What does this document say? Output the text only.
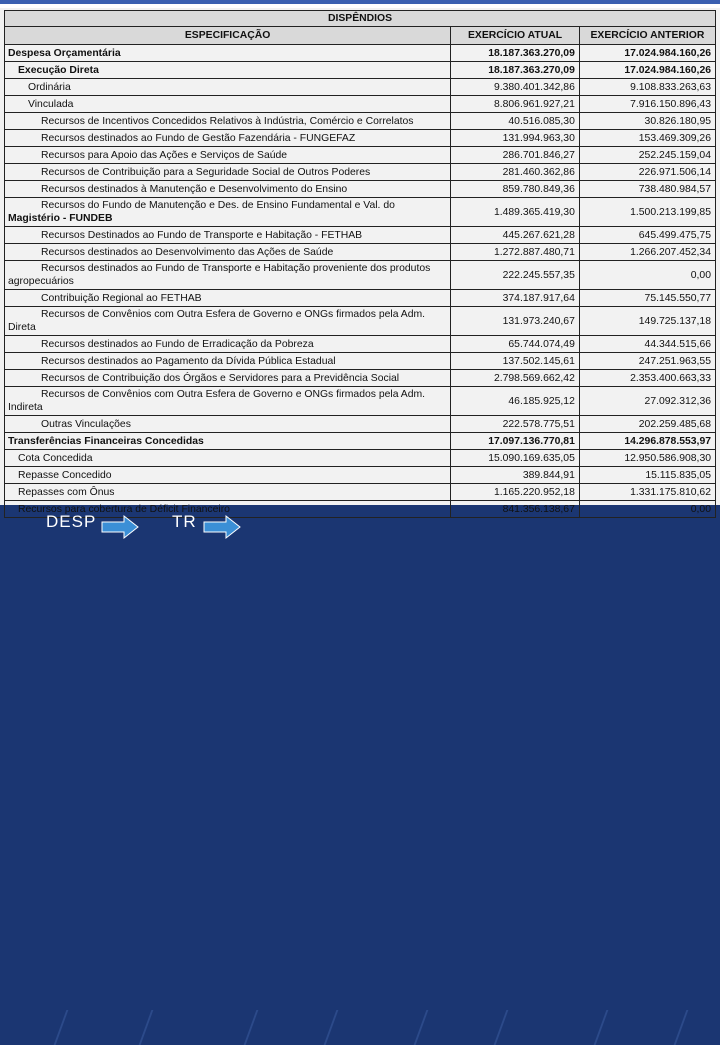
DISPÊNDIOS		
ESPECIFICAÇÃO	EXERCÍCIO ATUAL	EXERCÍCIO ANTERIOR
Despesa Orçamentária	18.187.363.270,09	17.024.984.160,26
Execução Direta	18.187.363.270,09	17.024.984.160,26
Ordinária	9.380.401.342,86	9.108.833.263,63
Vinculada	8.806.961.927,21	7.916.150.896,43
Recursos de Incentivos Concedidos Relativos à Indústria, Comércio e Correlatos	40.516.085,30	30.826.180,95
Recursos destinados ao Fundo de Gestão Fazendária - FUNGEFAZ	131.994.963,30	153.469.309,26
Recursos para Apoio das Ações e Serviços de Saúde	286.701.846,27	252.245.159,04
Recursos de Contribuição para a Seguridade Social de Outros Poderes	281.460.362,86	226.971.506,14
Recursos destinados à Manutenção e Desenvolvimento do Ensino	859.780.849,36	738.480.984,57

Recursos do Fundo de Manutenção e Des. de Ensino Fundamental e Val. do
Magistério - FUNDEB	1.489.365.419,30	1.500.213.199,85
Recursos Destinados ao Fundo de Transporte e Habitação - FETHAB	445.267.621,28	645.499.475,75
Recursos destinados ao Desenvolvimento das Ações de Saúde	1.272.887.480,71	1.266.207.452,34

Recursos destinados ao Fundo de Transporte e Habitação proveniente dos produtos
agropecuários	222.245.557,35	0,00
Contribuição Regional ao FETHAB	374.187.917,64	75.145.550,77

Recursos de Convênios com Outra Esfera de Governo e ONGs firmados pela Adm.
Direta	131.973.240,67	149.725.137,18
Recursos destinados ao Fundo de Erradicação da Pobreza	65.744.074,49	44.344.515,66
Recursos destinados ao Pagamento da Dívida Pública Estadual	137.502.145,61	247.251.963,55
Recursos de Contribuição dos Órgãos e Servidores para a Previdência Social	2.798.569.662,42	2.353.400.663,33

Recursos de Convênios com Outra Esfera de Governo e ONGs firmados pela Adm.
Indireta	46.185.925,12	27.092.312,36
Outras Vinculações	222.578.775,51	202.259.485,68
Transferências Financeiras Concedidas	17.097.136.770,81	14.296.878.553,97
Cota Concedida	15.090.169.635,05	12.950.586.908,30
Repasse Concedido	389.844,91	15.115.835,05
Repasses com Ônus	1.165.220.952,18	1.331.175.810,62
Recursos para cobertura de Déficit Financeiro	841.356.138,67	0,00
DESP	TR
